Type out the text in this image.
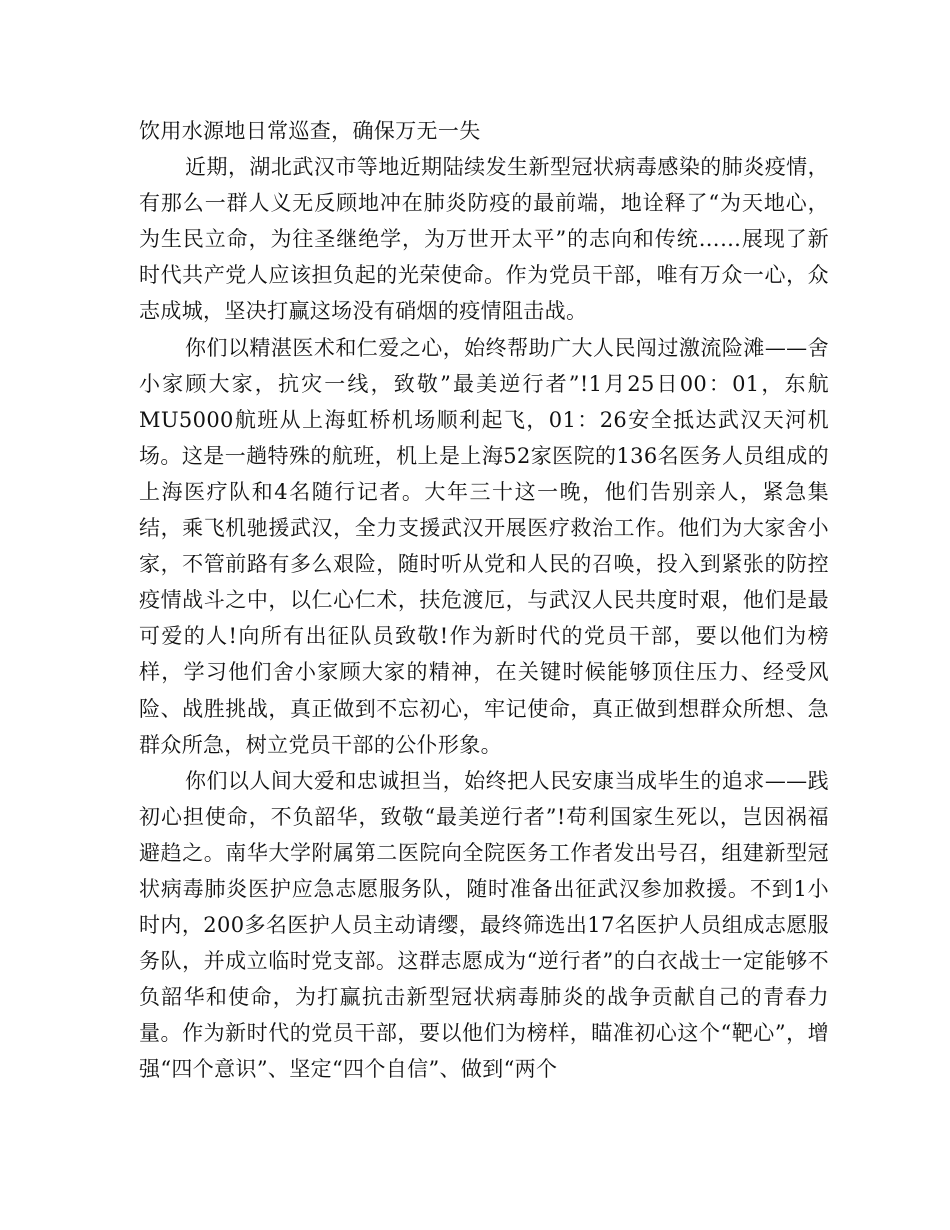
饮用水源地日常巡查，确保万无一失

近期，湖北武汉市等地近期陆续发生新型冠状病毒感染的肺炎疫情，有那么一群人义无反顾地冲在肺炎防疫的最前端，地诠释了“为天地心，为生民立命，为往圣继绝学，为万世开太平”的志向和传统……展现了新时代共产党人应该担负起的光荣使命。作为党员干部，唯有万众一心，众志成城，坚决打赢这场没有硝烟的疫情阻击战。

你们以精湛医术和仁爱之心，始终帮助广大人民闯过激流险滩——舍小家顾大家，抗灾一线，致敬”最美逆行者”!1月25日00：01，东航MU5000航班从上海虹桥机场顺利起飞，01：26安全抵达武汉天河机场。这是一趟特殊的航班，机上是上海52家医院的136名医务人员组成的上海医疗队和4名随行记者。大年三十这一晚，他们告别亲人，紧急集结，乘飞机驰援武汉，全力支援武汉开展医疗救治工作。他们为大家舍小家，不管前路有多么艰险，随时听从党和人民的召唤，投入到紧张的防控疫情战斗之中，以仁心仁术，扶危渡厄，与武汉人民共度时艰，他们是最可爱的人!向所有出征队员致敬!作为新时代的党员干部，要以他们为榜样，学习他们舍小家顾大家的精神，在关键时候能够顶住压力、经受风险、战胜挑战，真正做到不忘初心，牢记使命，真正做到想群众所想、急群众所急，树立党员干部的公仆形象。

你们以人间大爱和忠诚担当，始终把人民安康当成毕生的追求——践初心担使命，不负韶华，致敬“最美逆行者”!苟利国家生死以，岂因祸福避趋之。南华大学附属第二医院向全院医务工作者发出号召，组建新型冠状病毒肺炎医护应急志愿服务队，随时准备出征武汉参加救援。不到1小时内，200多名医护人员主动请缨，最终筛选出17名医护人员组成志愿服务队，并成立临时党支部。这群志愿成为“逆行者”的白衣战士一定能够不负韶华和使命，为打赢抗击新型冠状病毒肺炎的战争贡献自己的青春力量。作为新时代的党员干部，要以他们为榜样，瞄准初心这个“靶心”，增强“四个意识”、坚定“四个自信”、做到“两个
